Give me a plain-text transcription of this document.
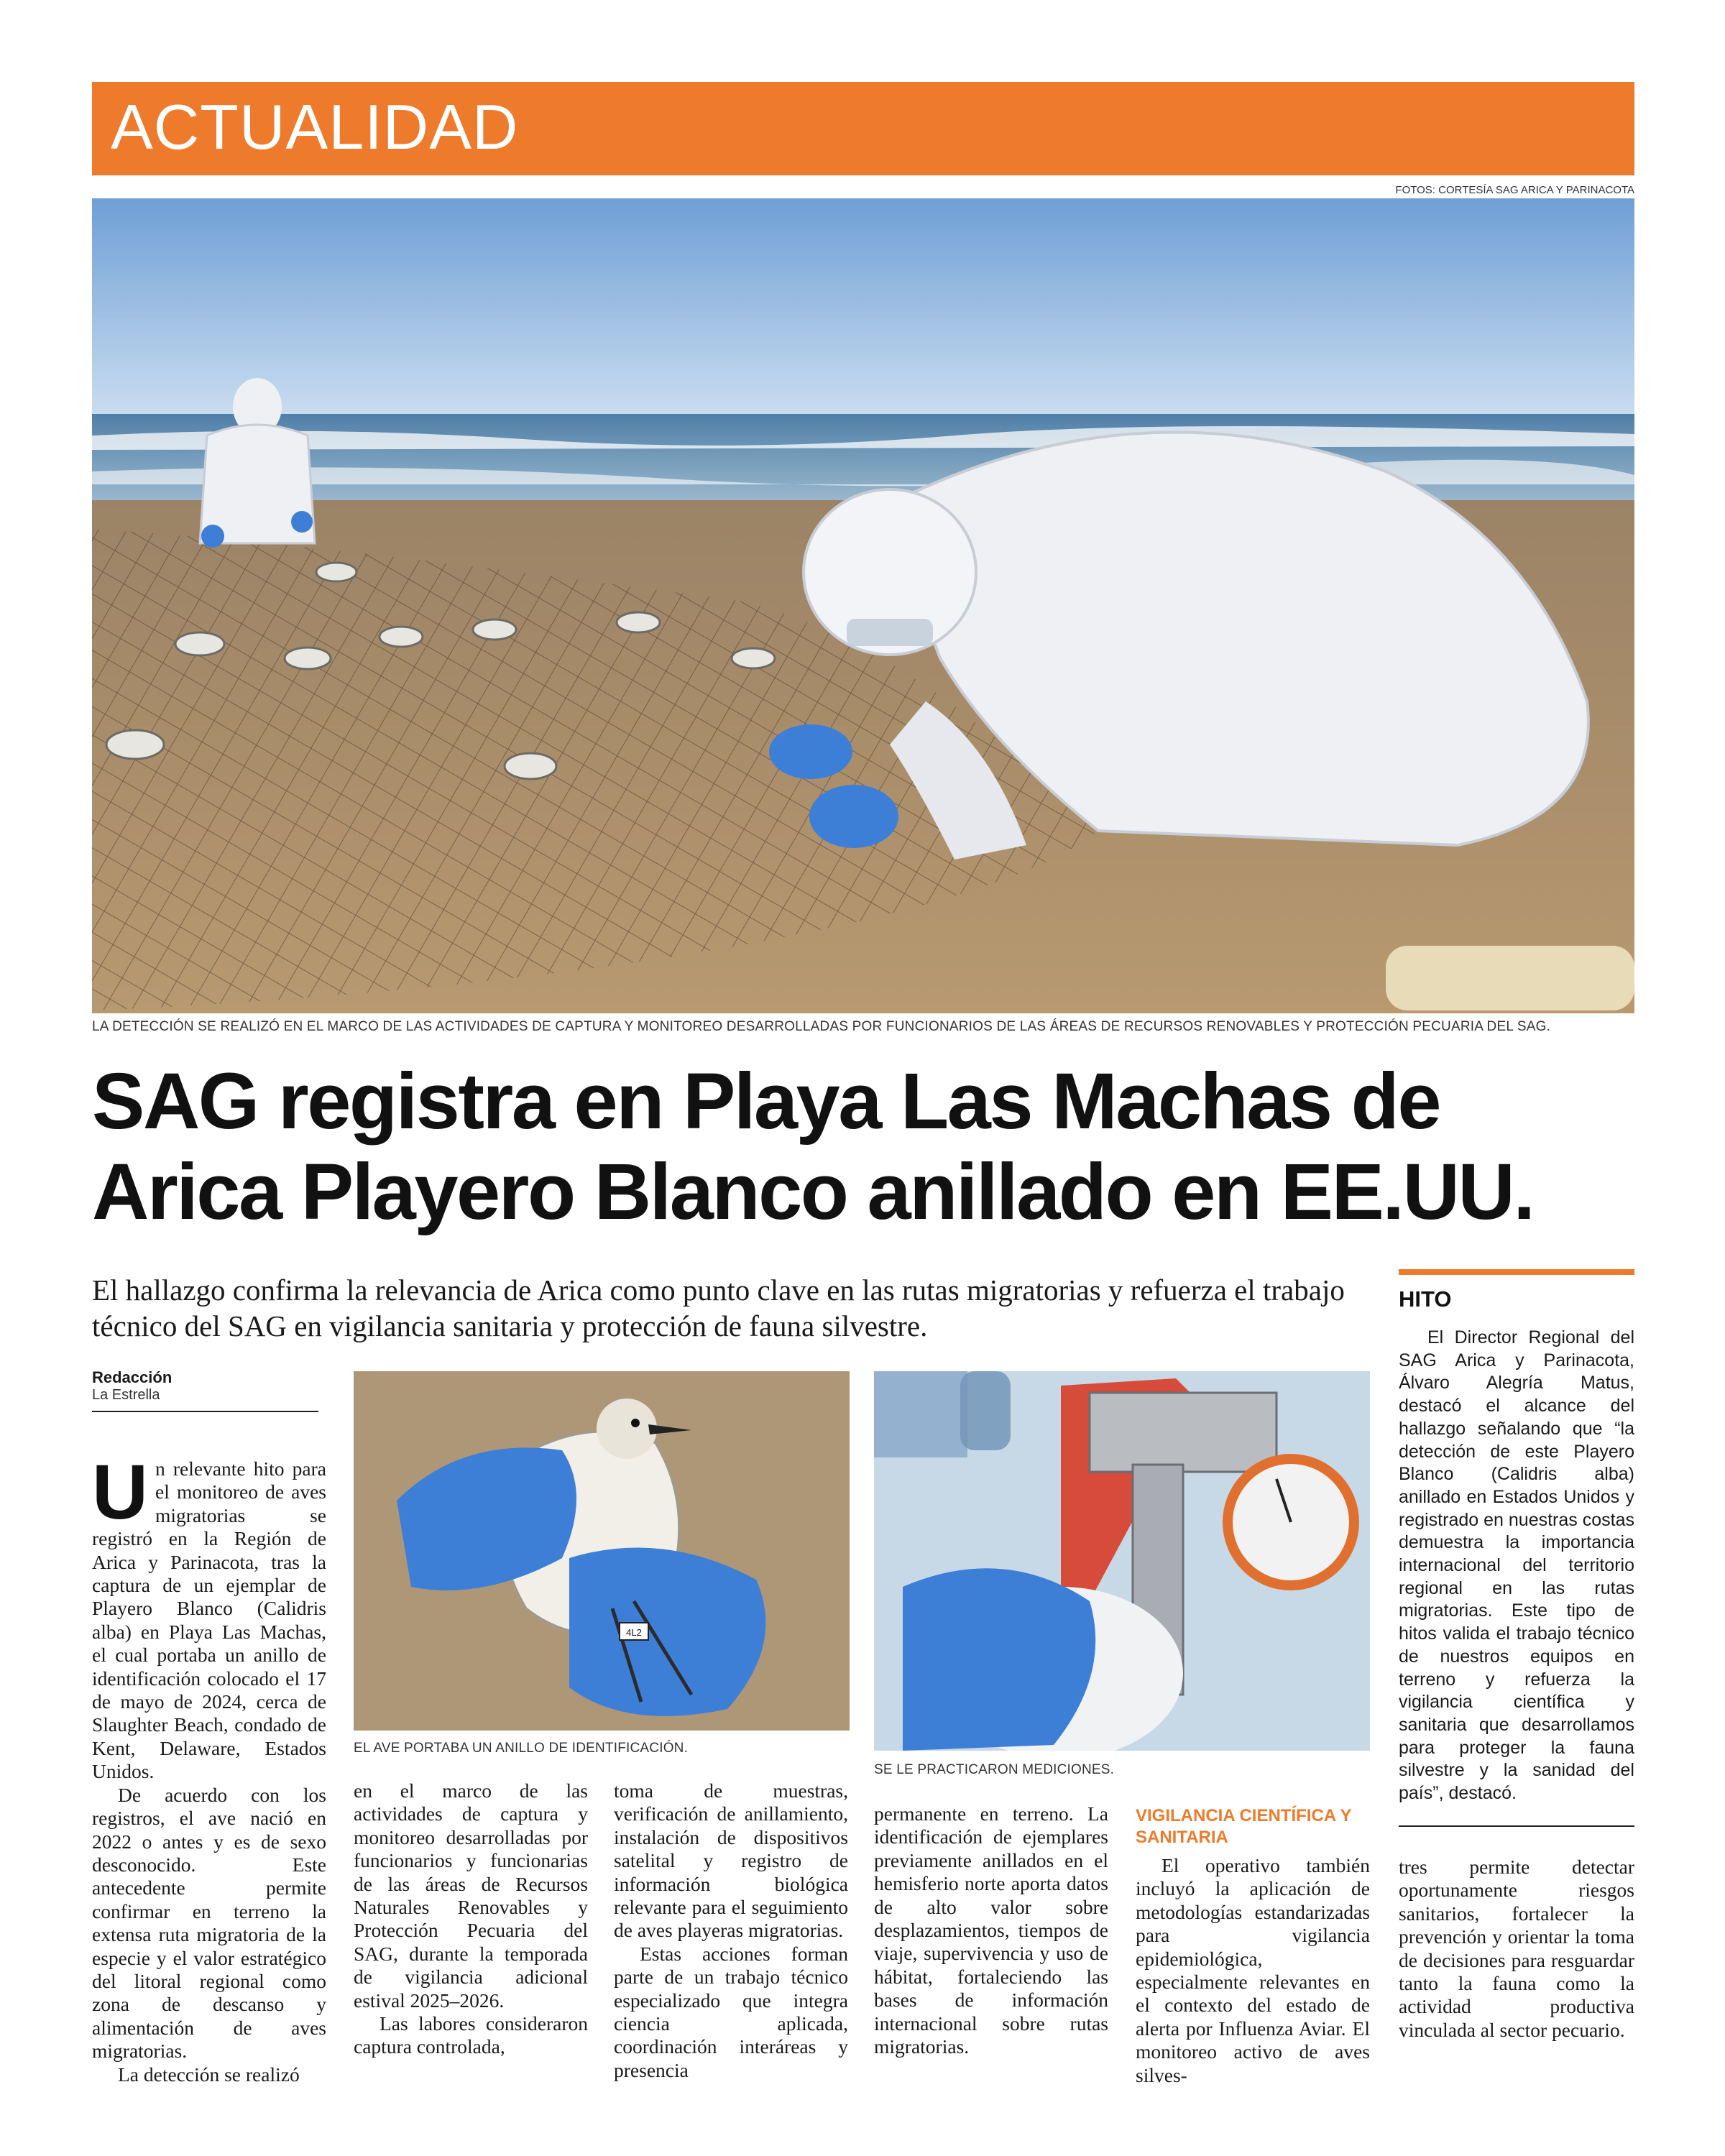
ACTUALIDAD
FOTOS: CORTESÍA SAG ARICA Y PARINACOTA
LA DETECCIÓN SE REALIZÓ EN EL MARCO DE LAS ACTIVIDADES DE CAPTURA Y MONITOREO DESARROLLADAS POR FUNCIONARIOS DE LAS ÁREAS DE RECURSOS RENOVABLES Y PROTECCIÓN PECUARIA DEL SAG.
SAG registra en Playa Las Machas de
Arica Playero Blanco anillado en EE.UU.
El hallazgo confirma la relevancia de Arica como punto clave en las rutas migratorias y refuerza el trabajo técnico del SAG en vigilancia sanitaria y protección de fauna silvestre.
Redacción
La Estrella

Un relevante hito para el monitoreo de aves migratorias se registró en la Región de Arica y Parinacota, tras la captura de un ejemplar de Playero Blanco (Calidris alba) en Playa Las Machas, el cual portaba un anillo de identificación colocado el 17 de mayo de 2024, cerca de Slaughter Beach, condado de Kent, Delaware, Estados Unidos.

De acuerdo con los registros, el ave nació en 2022 o antes y es de sexo desconocido. Este antecedente permite confirmar en terreno la extensa ruta migratoria de la especie y el valor estratégico del litoral regional como zona de descanso y alimentación de aves migratorias.

La detección se realizó

4L2
EL AVE PORTABA UN ANILLO DE IDENTIFICACIÓN.
SE LE PRACTICARON MEDICIONES.

en el marco de las actividades de captura y monitoreo desarrolladas por funcionarios y funcionarias de las áreas de Recursos Naturales Renovables y Protección Pecuaria del SAG, durante la temporada de vigilancia adicional estival 2025–2026.

Las labores consideraron captura controlada,

toma de muestras, verificación de anillamiento, instalación de dispositivos satelital y registro de información biológica relevante para el seguimiento de aves playeras migratorias.

Estas acciones forman parte de un trabajo técnico especializado que integra ciencia aplicada, coordinación interáreas y presencia

permanente en terreno. La identificación de ejemplares previamente anillados en el hemisferio norte aporta datos de alto valor sobre desplazamientos, tiempos de viaje, supervivencia y uso de hábitat, fortaleciendo las bases de información internacional sobre rutas migratorias.

VIGILANCIA CIENTÍFICA Y SANITARIA

El operativo también incluyó la aplicación de metodologías estandarizadas para vigilancia epidemiológica, especialmente relevantes en el contexto del estado de alerta por Influenza Aviar. El monitoreo activo de aves silves-

HITO
El Director Regional del SAG Arica y Parinacota, Álvaro Alegría Matus, destacó el alcance del hallazgo señalando que “la detección de este Playero Blanco (Calidris alba) anillado en Estados Unidos y registrado en nuestras costas demuestra la importancia internacional del territorio regional en las rutas migratorias. Este tipo de hitos valida el trabajo técnico de nuestros equipos en terreno y refuerza la vigilancia científica y sanitaria que desarrollamos para proteger la fauna silvestre y la sanidad del país”, destacó.

tres permite detectar oportunamente riesgos sanitarios, fortalecer la prevención y orientar la toma de decisiones para resguardar tanto la fauna como la actividad productiva vinculada al sector pecuario.
